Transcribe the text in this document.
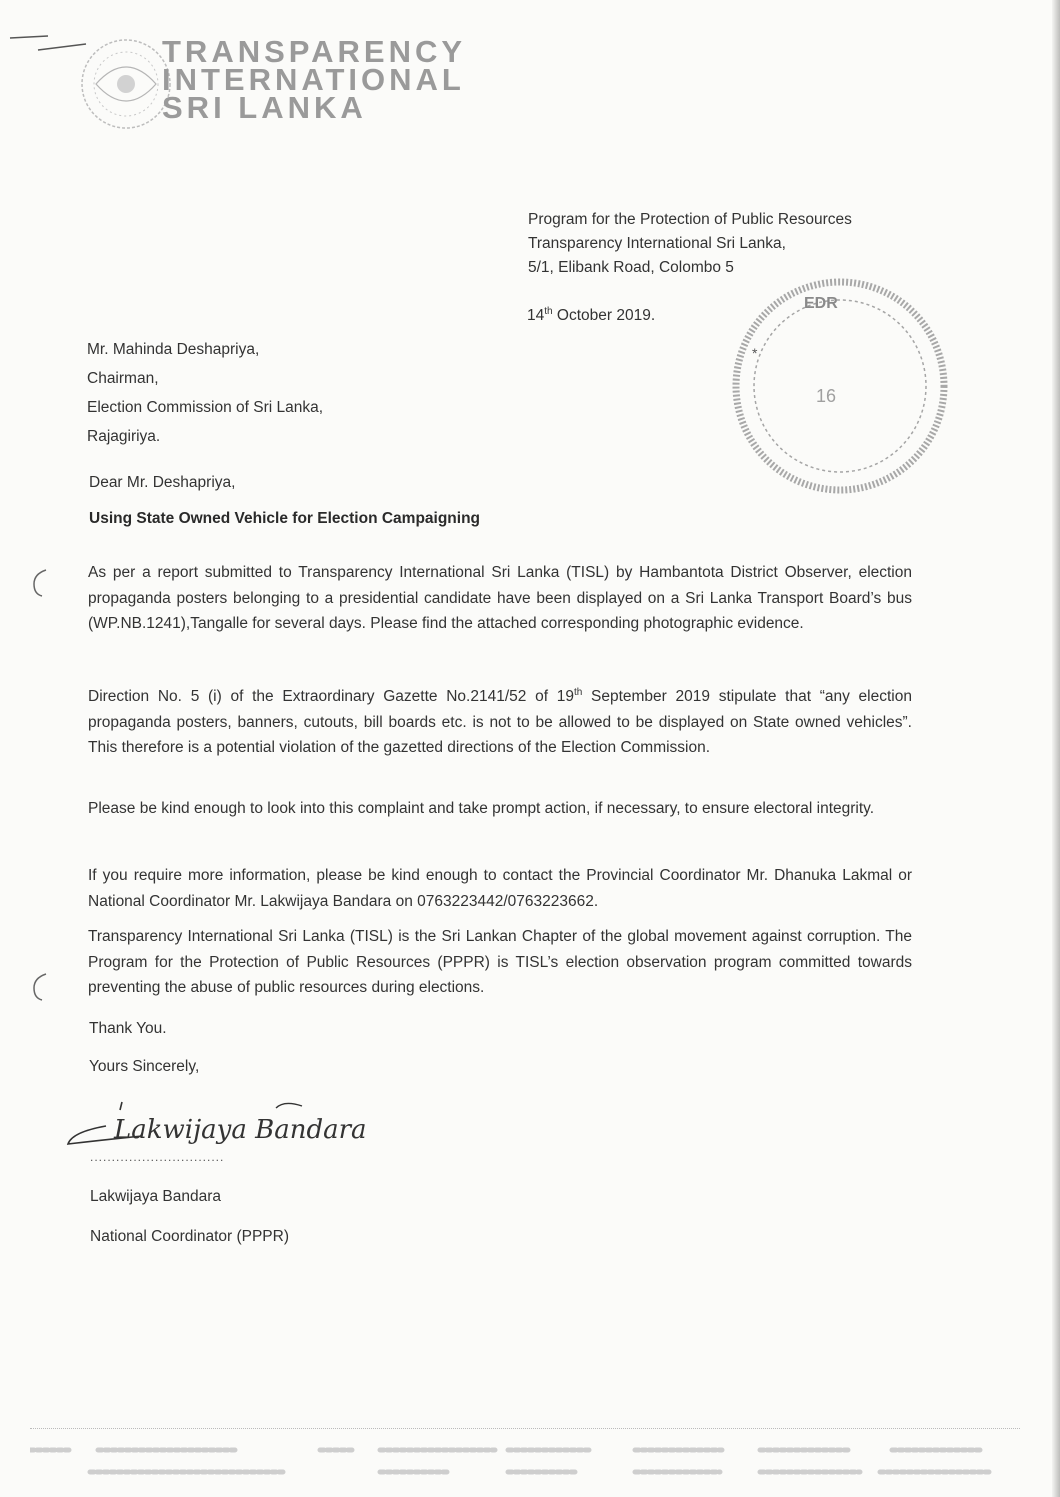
TRANSPARENCY
INTERNATIONAL
SRI LANKA
Program for the Protection of Public Resources
Transparency International Sri Lanka,
5/1, Elibank Road, Colombo 5
14th October 2019.
EDR
16
*
Mr. Mahinda Deshapriya,
Chairman,
Election Commission of Sri Lanka,
Rajagiriya.
Dear Mr. Deshapriya,
Using State Owned Vehicle for Election Campaigning
As per a report submitted to Transparency International Sri Lanka (TISL) by Hambantota District Observer, election propaganda posters belonging to a presidential candidate have been displayed on a Sri Lanka Transport Board’s bus (WP.NB.1241),Tangalle for several days. Please find the attached corresponding photographic evidence.
Direction No. 5 (i) of the Extraordinary Gazette No.2141/52 of 19th September 2019 stipulate that “any election propaganda posters, banners, cutouts, bill boards etc. is not to be allowed to be displayed on State owned vehicles”. This therefore is a potential violation of the gazetted directions of the Election Commission.
Please be kind enough to look into this complaint and take prompt action, if necessary, to ensure electoral integrity.
If you require more information, please be kind enough to contact the Provincial Coordinator Mr. Dhanuka Lakmal or National Coordinator Mr. Lakwijaya Bandara on 0763223442/0763223662.
Transparency International Sri Lanka (TISL) is the Sri Lankan Chapter of the global movement against corruption. The Program for the Protection of Public Resources (PPPR) is TISL’s election observation program committed towards preventing the abuse of public resources during elections.
Thank You.
Yours Sincerely,
Lakwijaya Bandara
...............................
Lakwijaya Bandara
National Coordinator (PPPR)
